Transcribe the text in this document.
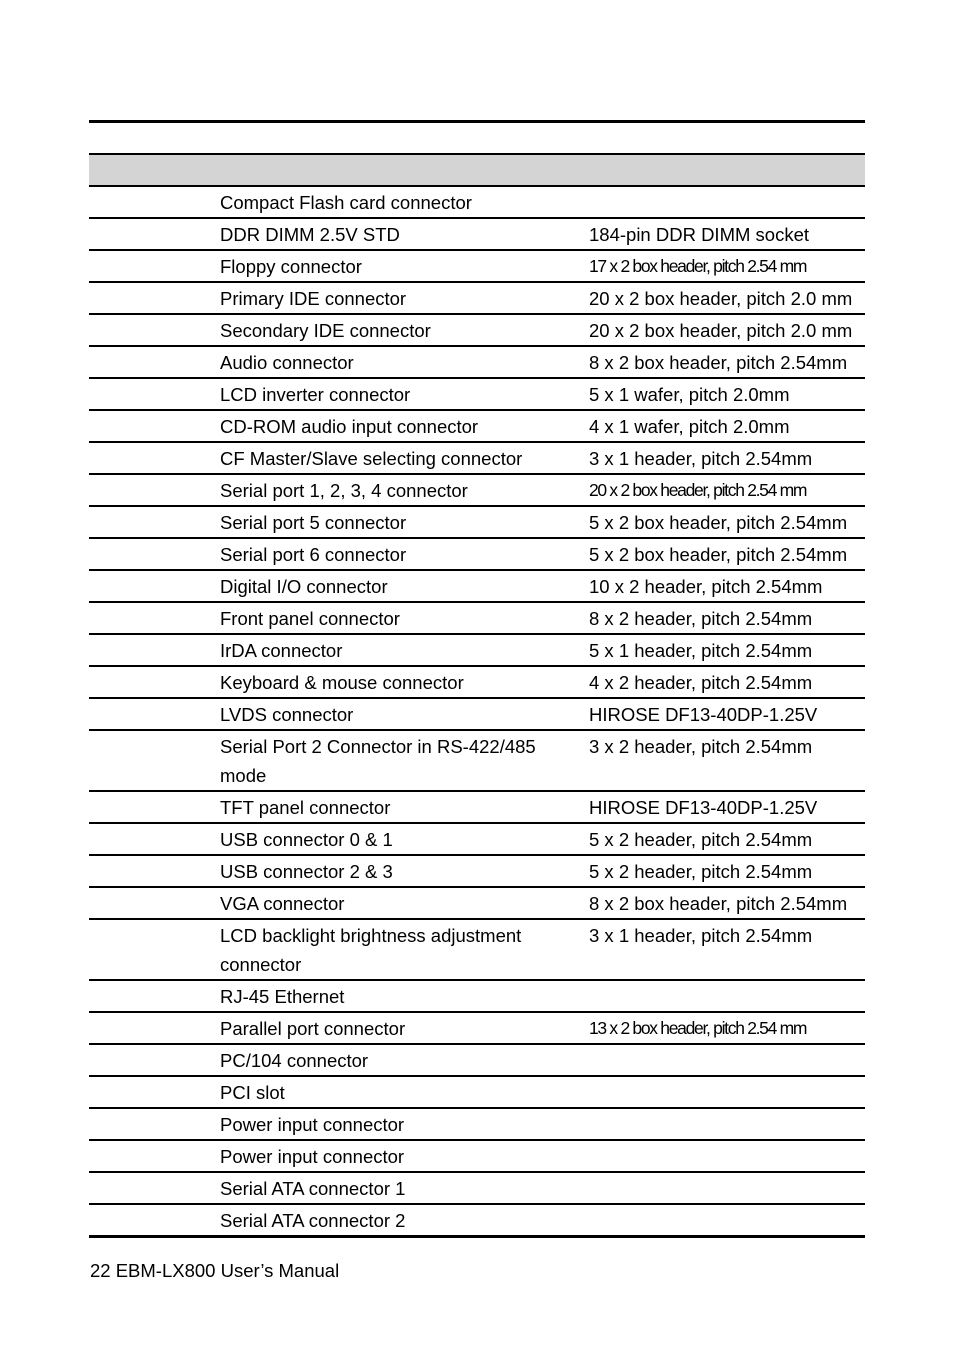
	Compact Flash card connector	
	DDR DIMM 2.5V STD	184-pin DDR DIMM socket
	Floppy connector	17 x 2 box header, pitch 2.54 mm
	Primary IDE connector	20 x 2 box header, pitch 2.0 mm
	Secondary IDE connector	20 x 2 box header, pitch 2.0 mm
	Audio connector	8 x 2 box header, pitch 2.54mm
	LCD inverter connector	5 x 1 wafer, pitch 2.0mm
	CD-ROM audio input connector	4 x 1 wafer, pitch 2.0mm
	CF Master/Slave selecting connector	3 x 1 header, pitch 2.54mm
	Serial port 1, 2, 3, 4 connector	20 x 2 box header, pitch 2.54 mm
	Serial port 5 connector	5 x 2 box header, pitch 2.54mm
	Serial port 6 connector	5 x 2 box header, pitch 2.54mm
	Digital I/O connector	10 x 2 header, pitch 2.54mm
	Front panel connector	8 x 2 header, pitch 2.54mm
	IrDA connector	5 x 1 header, pitch 2.54mm
	Keyboard & mouse connector	4 x 2 header, pitch 2.54mm
	LVDS connector	HIROSE DF13-40DP-1.25V
	Serial Port 2 Connector in RS-422/485 mode	3 x 2 header, pitch 2.54mm
	TFT panel connector	HIROSE DF13-40DP-1.25V
	USB connector 0 & 1	5 x 2 header, pitch 2.54mm
	USB connector 2 & 3	5 x 2 header, pitch 2.54mm
	VGA connector	8 x 2 box header, pitch 2.54mm
	LCD backlight brightness adjustment connector	3 x 1 header, pitch 2.54mm
	RJ-45 Ethernet	
	Parallel port connector	13 x 2 box header, pitch 2.54 mm
	PC/104 connector	
	PCI slot	
	Power input connector	
	Power input connector	
	Serial ATA connector 1	
	Serial ATA connector 2	
22 EBM-LX800 User’s Manual
